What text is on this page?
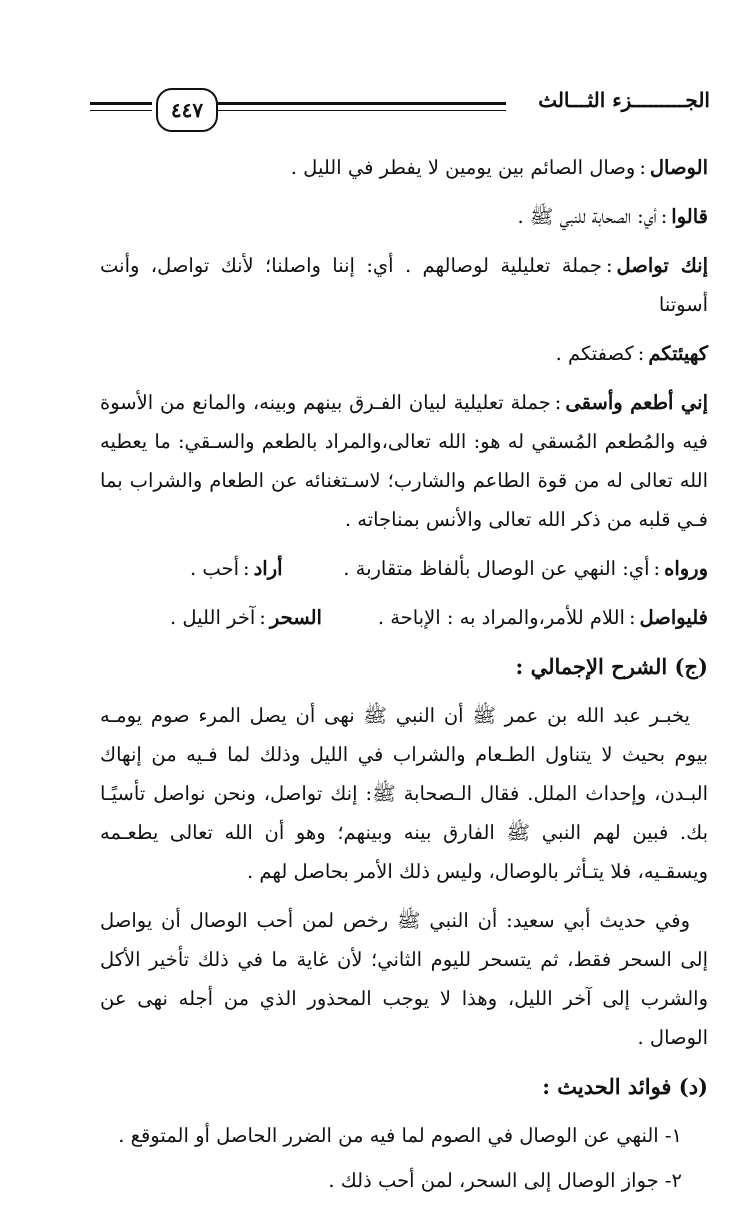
الجـــــــــزء الثـــالث
٤٤٧

الوصال:وصال الصائم بين يومين لا يفطر في الليل .

قالوا:أي: الصحابة للنبي ﷺ .

إنك تواصل:جملة تعليلية لوصالهم . أي: إننا واصلنا؛ لأنك تواصل، وأنت أسوتنا

كهيئتكم:كصفتكم .

إني أطعم وأسقى:جملة تعليلية لبيان الفـرق بينهم وبينه، والمانع من الأسوة فيه والمُطعم المُسقي له هو: الله تعالى،والمراد بالطعم والسـقي: ما يعطيه الله تعالى له من قوة الطاعم والشارب؛ لاسـتغنائه عن الطعام والشراب بما فـي قلبه من ذكر الله تعالى والأنس بمناجاته .

ورواه:أي: النهي عن الوصال بألفاظ متقاربة .
أراد:أحب .
فليواصل:اللام للأمر،والمراد به : الإباحة .
السحر:آخر الليل .

(ج) الشرح الإجمالي :

يخبـر عبد الله بن عمر ﷺ أن النبي ﷺ نهى أن يصل المرء صوم يومـه بيوم بحيث لا يتناول الطـعام والشراب في الليل وذلك لما فـيه من إنهاك البـدن، وإحداث الملل. فقال الـصحابة ﷺ: إنك تواصل، ونحن نواصل تأسيًـا بك. فبين لهم النبي ﷺ الفارق بينه وبينهم؛ وهو أن الله تعالى يطعـمه ويسقـيه، فلا يتـأثر بالوصال، وليس ذلك الأمر بحاصل لهم .

وفي حديث أبي سعيد: أن النبي ﷺ رخص لمن أحب الوصال أن يواصل إلى السحر فقط، ثم يتسحر لليوم الثاني؛ لأن غاية ما في ذلك تأخير الأكل والشرب إلى آخر الليل، وهذا لا يوجب المحذور الذي من أجله نهى عن الوصال .

(د) فوائد الحديث :

١- النهي عن الوصال في الصوم لما فيه من الضرر الحاصل أو المتوقع .

٢- جواز الوصال إلى السحر، لمن أحب ذلك .
